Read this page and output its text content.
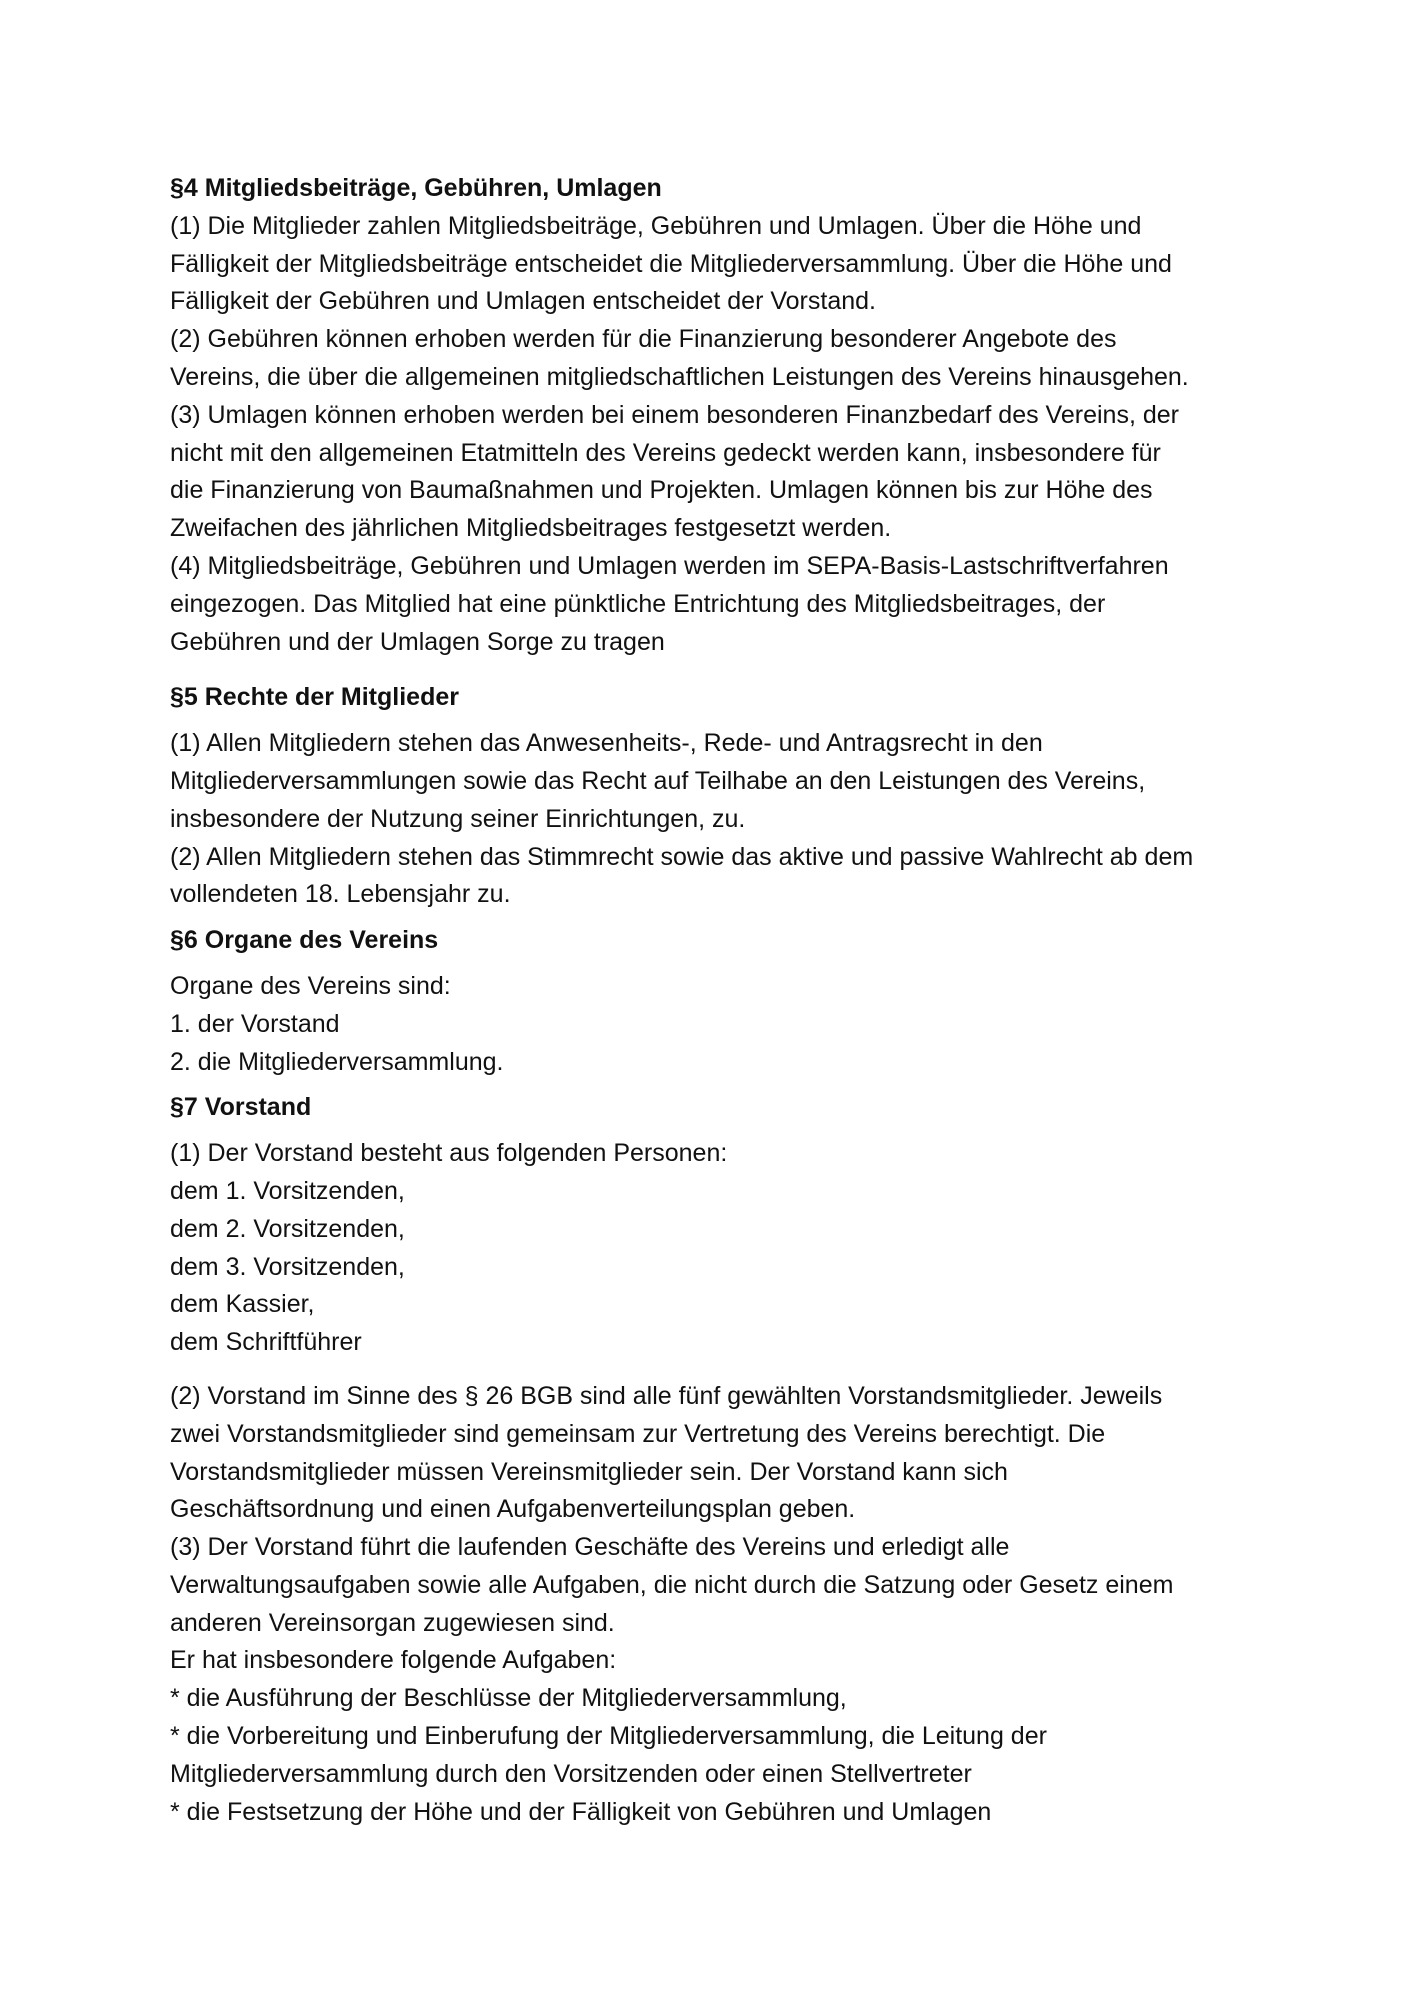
§4 Mitgliedsbeiträge, Gebühren, Umlagen

(1) Die Mitglieder zahlen Mitgliedsbeiträge, Gebühren und Umlagen. Über die Höhe und
Fälligkeit der Mitgliedsbeiträge entscheidet die Mitgliederversammlung. Über die Höhe und
Fälligkeit der Gebühren und Umlagen entscheidet der Vorstand.
(2) Gebühren können erhoben werden für die Finanzierung besonderer Angebote des
Vereins, die über die allgemeinen mitgliedschaftlichen Leistungen des Vereins hinausgehen.
(3) Umlagen können erhoben werden bei einem besonderen Finanzbedarf des Vereins, der
nicht mit den allgemeinen Etatmitteln des Vereins gedeckt werden kann, insbesondere für
die Finanzierung von Baumaßnahmen und Projekten. Umlagen können bis zur Höhe des
Zweifachen des jährlichen Mitgliedsbeitrages festgesetzt werden.
(4) Mitgliedsbeiträge, Gebühren und Umlagen werden im SEPA-Basis-Lastschriftverfahren
eingezogen. Das Mitglied hat eine pünktliche Entrichtung des Mitgliedsbeitrages, der
Gebühren und der Umlagen Sorge zu tragen

§5 Rechte der Mitglieder

(1) Allen Mitgliedern stehen das Anwesenheits-, Rede- und Antragsrecht in den
Mitgliederversammlungen sowie das Recht auf Teilhabe an den Leistungen des Vereins,
insbesondere der Nutzung seiner Einrichtungen, zu.
(2) Allen Mitgliedern stehen das Stimmrecht sowie das aktive und passive Wahlrecht ab dem
vollendeten 18. Lebensjahr zu.

§6 Organe des Vereins

Organe des Vereins sind:
1. der Vorstand
2. die Mitgliederversammlung.

§7 Vorstand

(1) Der Vorstand besteht aus folgenden Personen:
dem 1. Vorsitzenden,
dem 2. Vorsitzenden,
dem 3. Vorsitzenden,
dem Kassier,
dem Schriftführer
(2) Vorstand im Sinne des § 26 BGB sind alle fünf gewählten Vorstandsmitglieder. Jeweils
zwei Vorstandsmitglieder sind gemeinsam zur Vertretung des Vereins berechtigt. Die
Vorstandsmitglieder müssen Vereinsmitglieder sein. Der Vorstand kann sich
Geschäftsordnung und einen Aufgabenverteilungsplan geben.
(3) Der Vorstand führt die laufenden Geschäfte des Vereins und erledigt alle
Verwaltungsaufgaben sowie alle Aufgaben, die nicht durch die Satzung oder Gesetz einem
anderen Vereinsorgan zugewiesen sind.
Er hat insbesondere folgende Aufgaben:
* die Ausführung der Beschlüsse der Mitgliederversammlung,
* die Vorbereitung und Einberufung der Mitgliederversammlung, die Leitung der
Mitgliederversammlung durch den Vorsitzenden oder einen Stellvertreter
* die Festsetzung der Höhe und der Fälligkeit von Gebühren und Umlagen
